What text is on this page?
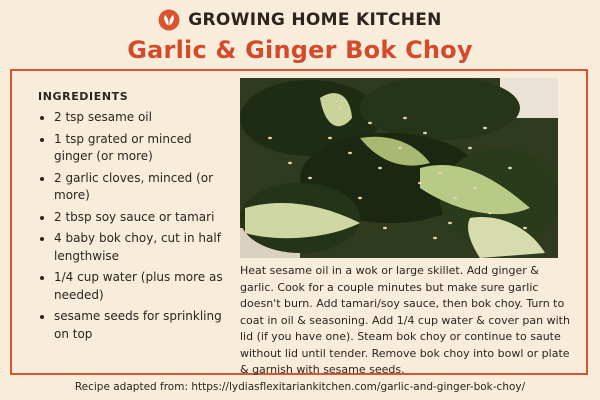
GROWING HOME KITCHEN
Garlic & Ginger Bok Choy
INGREDIENTS
• 2 tsp sesame oil
• 1 tsp grated or minced ginger (or more)
• 2 garlic cloves, minced (or more)
• 2 tbsp soy sauce or tamari
• 4 baby bok choy, cut in half lengthwise
• 1/4 cup water (plus more as needed)
• sesame seeds for sprinkling on top
Heat sesame oil in a wok or large skillet. Add ginger & garlic. Cook for a couple minutes but make sure garlic doesn't burn. Add tamari/soy sauce, then bok choy. Turn to coat in oil & seasoning. Add 1/4 cup water & cover pan with lid (if you have one). Steam bok choy or continue to saute without lid until tender. Remove bok choy into bowl or plate & garnish with sesame seeds.
Recipe adapted from: https://lydiasflexitariankitchen.com/garlic-and-ginger-bok-choy/
